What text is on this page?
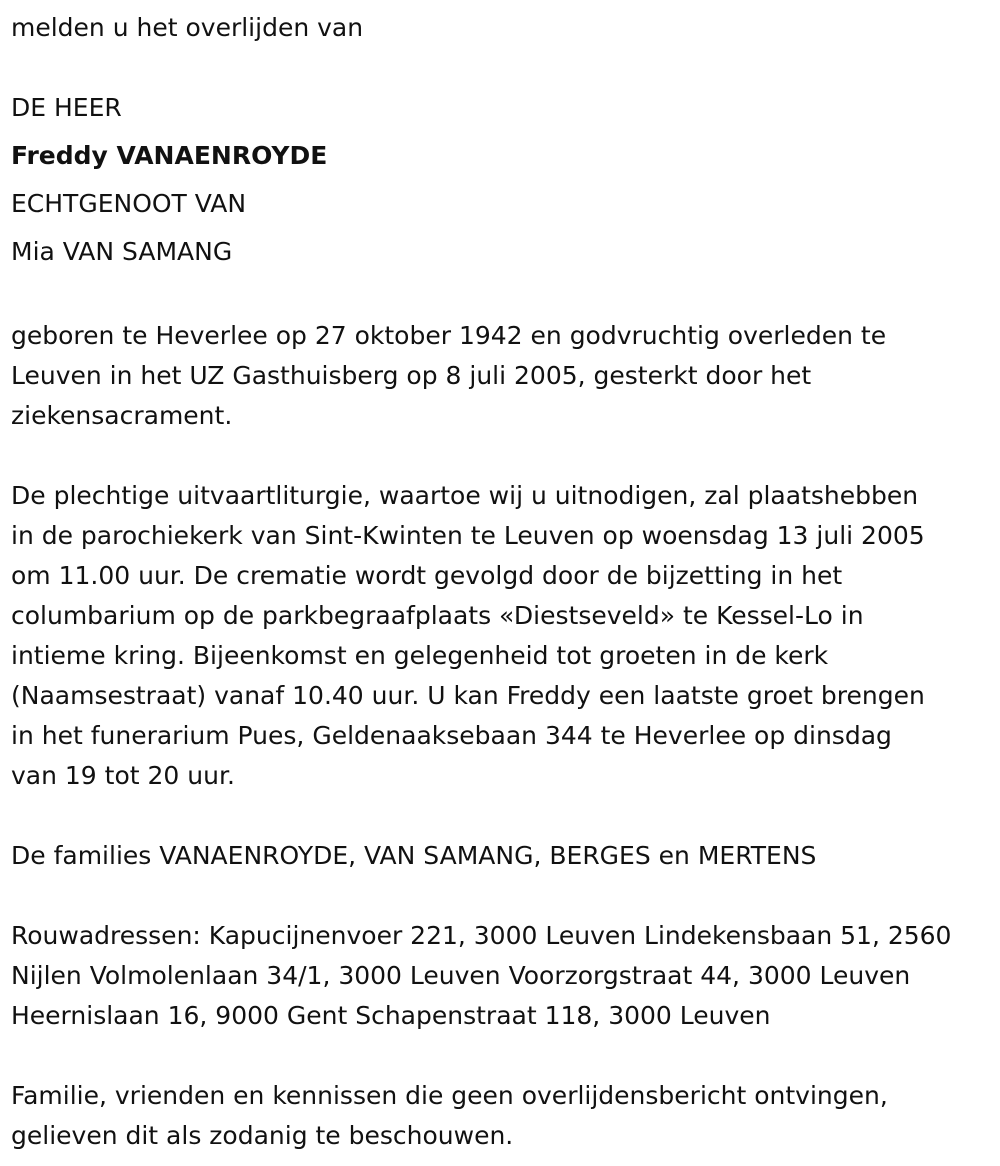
melden u het overlijden van

DE HEER

Freddy VANAENROYDE

ECHTGENOOT VAN

Mia VAN SAMANG

geboren te Heverlee op 27 oktober 1942 en godvruchtig overleden te

Leuven in het UZ Gasthuisberg op 8 juli 2005, gesterkt door het

ziekensacrament.

De plechtige uitvaartliturgie, waartoe wij u uitnodigen, zal plaatshebben

in de parochiekerk van Sint-Kwinten te Leuven op woensdag 13 juli 2005

om 11.00 uur. De crematie wordt gevolgd door de bijzetting in het

columbarium op de parkbegraafplaats «Diestseveld» te Kessel-Lo in

intieme kring. Bijeenkomst en gelegenheid tot groeten in de kerk

(Naamsestraat) vanaf 10.40 uur. U kan Freddy een laatste groet brengen

in het funerarium Pues, Geldenaaksebaan 344 te Heverlee op dinsdag

van 19 tot 20 uur.

De families VANAENROYDE, VAN SAMANG, BERGES en MERTENS

Rouwadressen: Kapucijnenvoer 221, 3000 Leuven Lindekensbaan 51, 2560

Nijlen Volmolenlaan 34/1, 3000 Leuven Voorzorgstraat 44, 3000 Leuven

Heernislaan 16, 9000 Gent Schapenstraat 118, 3000 Leuven

Familie, vrienden en kennissen die geen overlijdensbericht ontvingen,

gelieven dit als zodanig te beschouwen.
